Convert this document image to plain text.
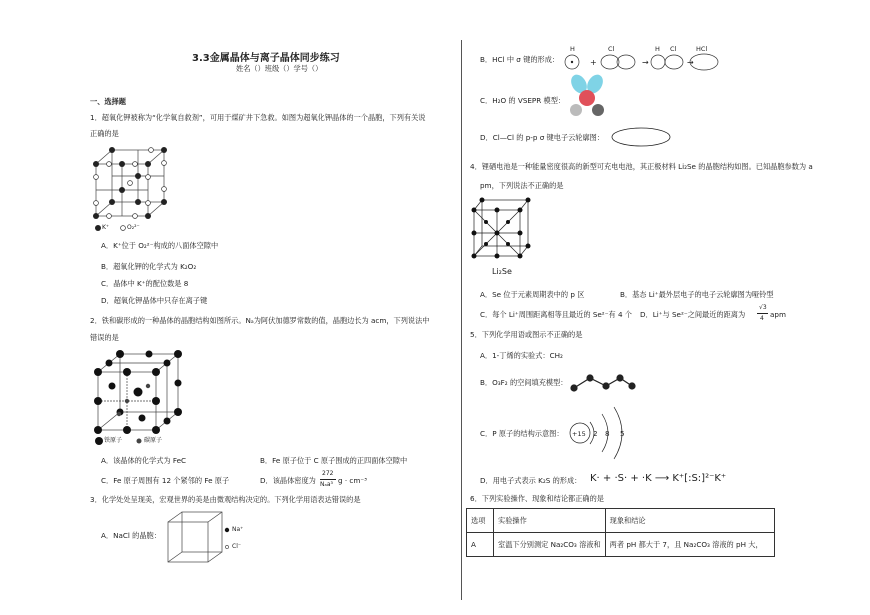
3.3金属晶体与离子晶体同步练习
姓名（）班级（）学号（）
一、选择题
1．超氧化钾被称为“化学氧自救剂”，可用于煤矿井下急救。如图为超氧化钾晶体的一个晶胞，下列有关说
正确的是
K⁺	O₂²⁻
A．K⁺位于 O₂²⁻构成的八面体空隙中
B．超氧化钾的化学式为 K₂O₂
C．晶体中 K⁺的配位数是 8
D．超氧化钾晶体中只存在离子键
2．铁和碳形成的一种晶体的晶胞结构如图所示。Nₐ为阿伏加德罗常数的值，晶胞边长为 acm，下列说法中
错误的是
铁原子	碳原子
A．该晶体的化学式为 FeC	B．Fe 原子位于 C 原子围成的正四面体空隙中
C．Fe 原子周围有 12 个紧邻的 Fe 原子	D．该晶体密度为
272
Nₐa³ g · cm⁻³
3．化学处处呈现美，宏观世界的美是由微观结构决定的。下列化学用语表达错误的是
A．NaCl 的晶胞：
Na⁺
Cl⁻
B．HCl 中 σ 键的形成：	+	→	→
H	Cl	H Cl	HCl
C．H₂O 的 VSEPR 模型：
D．Cl—Cl 的 p-p σ 键电子云轮廓图：
4．锂硒电池是一种能量密度很高的新型可充电电池，其正极材料 Li₂Se 的晶胞结构如图。已知晶胞参数为 a
pm，下列说法不正确的是
Li₂Se
A．Se 位于元素周期表中的 p 区	B．基态 Li⁺最外层电子的电子云轮廓图为哑铃型
C．每个 Li⁺周围距离相等且最近的 Se²⁻有 4 个 D．Li⁺与 Se²⁻之间最近的距离为
√3
4 apm
5．下列化学用语或图示不正确的是
A．1-丁烯的实验式：CH₂
B．O₃F₂ 的空间填充模型：
C．P 原子的结构示意图： +15 2 8 5
D．用电子式表示 K₂S 的形成： K· + ·S· + ·K ⟶ K⁺[:S:]²⁻K⁺
6．下列实验操作、现象和结论都正确的是
选项	实验操作	现象和结论
A	室温下分别测定 Na₂CO₃ 溶液和	两者 pH 都大于 7，且 Na₂CO₃ 溶液的 pH 大，
